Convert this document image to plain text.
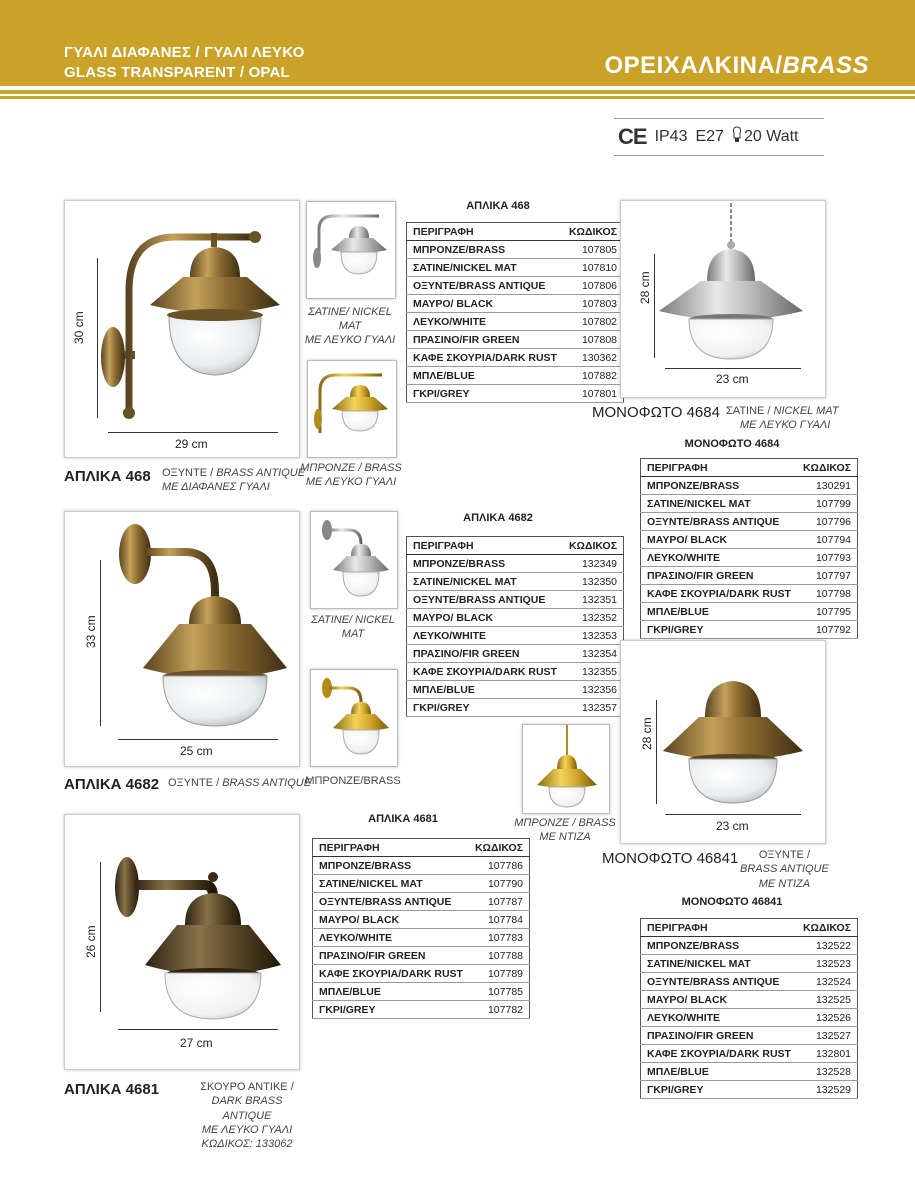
ΓΥΑΛΙ ΔΙΑΦΑΝΕΣ / ΓΥΑΛΙ ΛΕΥΚΟ
GLASS TRANSPARENT / OPAL	ΟΡΕΙΧΑΛΚΙΝΑ/BRASS
CE IP43 E27 20 Watt
30 cm
29 cm
ΣΑΤΙΝΕ/ NICKEL MAT
ΜΕ ΛΕΥΚΟ ΓΥΑΛΙ
ΜΠΡΟΝΖΕ / BRASS
ΜΕ ΛΕΥΚΟ ΓΥΑΛΙ
ΑΠΛΙΚΑ 468 ΟΞΥΝΤΕ / BRASS ANTIQUE
ΜΕ ΔΙΑΦΑΝΕΣ ΓΥΑΛΙ
ΑΠΛΙΚΑ 468
ΠΕΡΙΓΡΑΦΗ	ΚΩΔΙΚΟΣ
ΜΠΡΟΝΖΕ/BRASS	107805
ΣΑΤΙΝΕ/NICKEL MAT	107810
ΟΞΥΝΤΕ/BRASS ANTIQUE	107806
ΜΑΥΡΟ/ BLACK	107803
ΛΕΥΚΟ/WHITE	107802
ΠΡΑΣΙΝΟ/FIR GREEN	107808
ΚΑΦΕ ΣΚΟΥΡΙΑ/DARK RUST	130362
ΜΠΛΕ/BLUE	107882
ΓΚΡΙ/GREY	107801
28 cm
23 cm
ΜΟΝΟΦΩΤΟ 4684 ΣΑΤΙΝΕ / NICKEL MAT
ΜΕ ΛΕΥΚΟ ΓΥΑΛΙ
ΜΟΝΟΦΩΤΟ 4684
ΠΕΡΙΓΡΑΦΗ	ΚΩΔΙΚΟΣ
ΜΠΡΟΝΖΕ/BRASS	130291
ΣΑΤΙΝΕ/NICKEL MAT	107799
ΟΞΥΝΤΕ/BRASS ANTIQUE	107796
ΜΑΥΡΟ/ BLACK	107794
ΛΕΥΚΟ/WHITE	107793
ΠΡΑΣΙΝΟ/FIR GREEN	107797
ΚΑΦΕ ΣΚΟΥΡΙΑ/DARK RUST	107798
ΜΠΛΕ/BLUE	107795
ΓΚΡΙ/GREY	107792
33 cm
25 cm
ΣΑΤΙΝΕ/ NICKEL MAT
ΜΠΡΟΝΖΕ/BRASS
ΑΠΛΙΚΑ 4682 ΟΞΥΝΤΕ / BRASS ANTIQUE
ΑΠΛΙΚΑ 4682
ΠΕΡΙΓΡΑΦΗ	ΚΩΔΙΚΟΣ
ΜΠΡΟΝΖΕ/BRASS	132349
ΣΑΤΙΝΕ/NICKEL MAT	132350
ΟΞΥΝΤΕ/BRASS ANTIQUE	132351
ΜΑΥΡΟ/ BLACK	132352
ΛΕΥΚΟ/WHITE	132353
ΠΡΑΣΙΝΟ/FIR GREEN	132354
ΚΑΦΕ ΣΚΟΥΡΙΑ/DARK RUST	132355
ΜΠΛΕ/BLUE	132356
ΓΚΡΙ/GREY	132357
ΜΠΡΟΝΖΕ / BRASS
ΜΕ ΝΤΙΖΑ
28 cm
23 cm
ΜΟΝΟΦΩΤΟ 46841	ΟΞΥΝΤΕ /
BRASS ANTIQUE
ΜΕ ΝΤΙΖΑ
ΜΟΝΟΦΩΤΟ 46841
ΠΕΡΙΓΡΑΦΗ	ΚΩΔΙΚΟΣ
ΜΠΡΟΝΖΕ/BRASS	132522
ΣΑΤΙΝΕ/NICKEL MAT	132523
ΟΞΥΝΤΕ/BRASS ANTIQUE	132524
ΜΑΥΡΟ/ BLACK	132525
ΛΕΥΚΟ/WHITE	132526
ΠΡΑΣΙΝΟ/FIR GREEN	132527
ΚΑΦΕ ΣΚΟΥΡΙΑ/DARK RUST	132801
ΜΠΛΕ/BLUE	132528
ΓΚΡΙ/GREY	132529
26 cm
27 cm
ΑΠΛΙΚΑ 4681	ΣΚΟΥΡΟ ΑΝΤΙΚΕ /
DARK BRASS ANTIQUE
ΜΕ ΛΕΥΚΟ ΓΥΑΛΙ
ΚΩΔΙΚΟΣ: 133062
ΑΠΛΙΚΑ 4681
ΠΕΡΙΓΡΑΦΗ	ΚΩΔΙΚΟΣ
ΜΠΡΟΝΖΕ/BRASS	107786
ΣΑΤΙΝΕ/NICKEL MAT	107790
ΟΞΥΝΤΕ/BRASS ANTIQUE	107787
ΜΑΥΡΟ/ BLACK	107784
ΛΕΥΚΟ/WHITE	107783
ΠΡΑΣΙΝΟ/FIR GREEN	107788
ΚΑΦΕ ΣΚΟΥΡΙΑ/DARK RUST	107789
ΜΠΛΕ/BLUE	107785
ΓΚΡΙ/GREY	107782
